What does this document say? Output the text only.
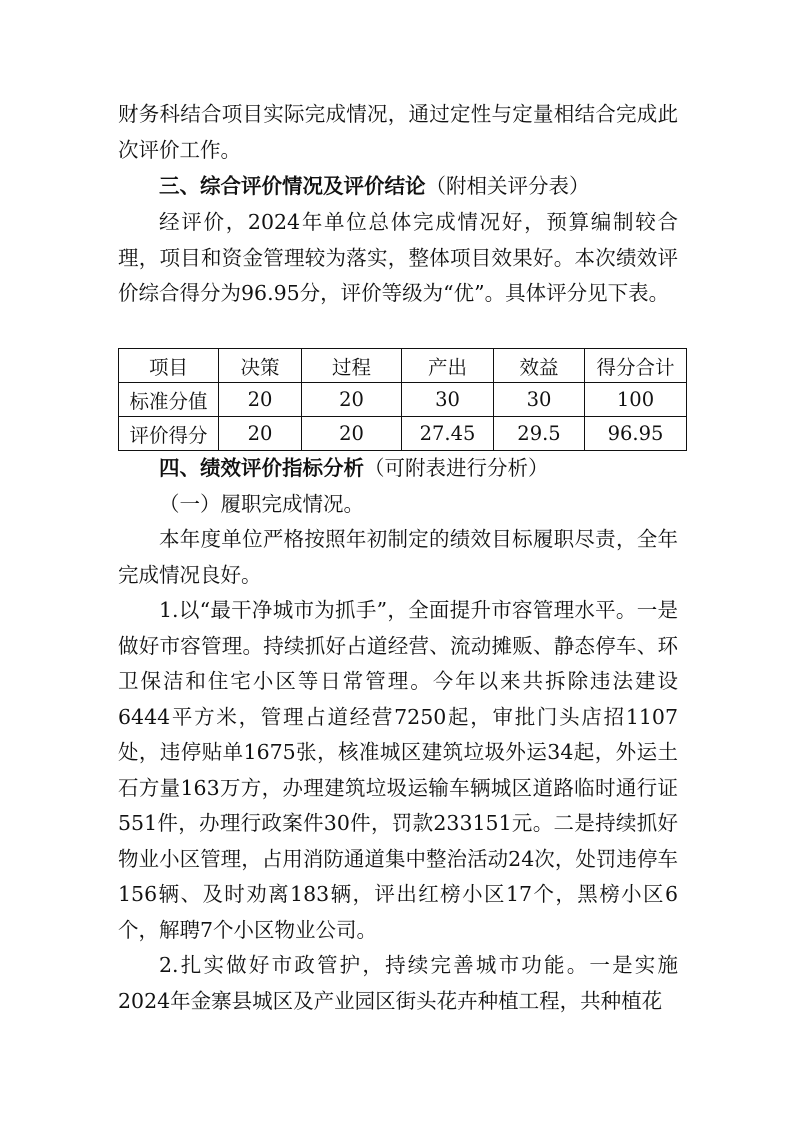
财务科结合项目实际完成情况，通过定性与定量相结合完成此次评价工作。

三、综合评价情况及评价结论（附相关评分表）

经评价，2024年单位总体完成情况好，预算编制较合理，项目和资金管理较为落实，整体项目效果好。本次绩效评价综合得分为96.95分，评价等级为“优”。具体评分见下表。

项目	决策	过程	产出	效益	得分合计
标准分值	20	20	30	30	100
评价得分	20	20	27.45	29.5	96.95

四、绩效评价指标分析（可附表进行分析）

（一）履职完成情况。

本年度单位严格按照年初制定的绩效目标履职尽责，全年完成情况良好。

1.以“最干净城市为抓手”，全面提升市容管理水平。一是做好市容管理。持续抓好占道经营、流动摊贩、静态停车、环卫保洁和住宅小区等日常管理。今年以来共拆除违法建设6444平方米，管理占道经营7250起，审批门头店招1107处，违停贴单1675张，核准城区建筑垃圾外运34起，外运土石方量163万方，办理建筑垃圾运输车辆城区道路临时通行证551件，办理行政案件30件，罚款233151元。二是持续抓好物业小区管理，占用消防通道集中整治活动24次，处罚违停车156辆、及时劝离183辆，评出红榜小区17个，黑榜小区6个，解聘7个小区物业公司。

2.扎实做好市政管护，持续完善城市功能。一是实施2024年金寨县城区及产业园区街头花卉种植工程，共种植花
